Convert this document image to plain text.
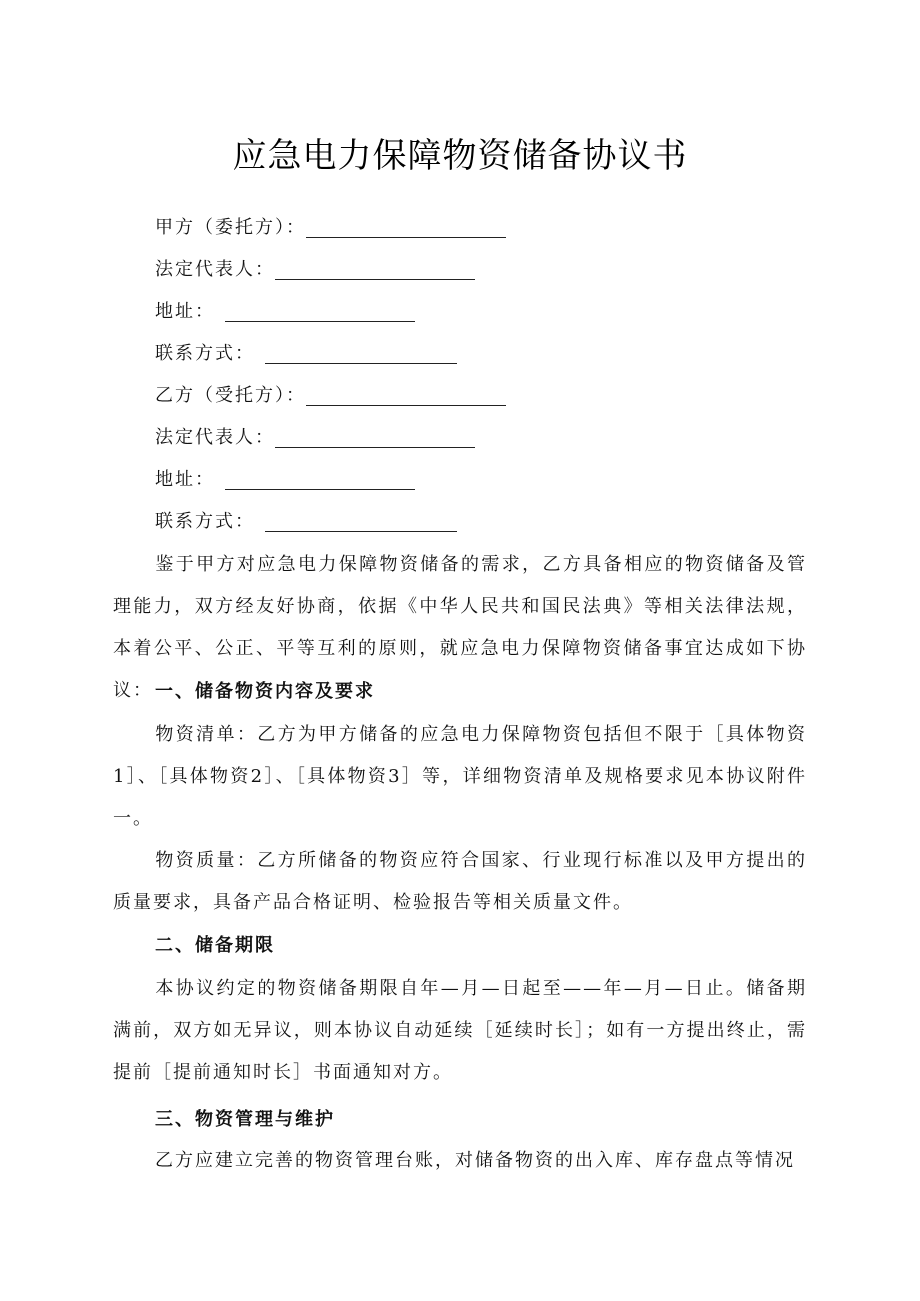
应急电力保障物资储备协议书
甲方（委托方）：
法定代表人：
地址：
联系方式：
乙方（受托方）：
法定代表人：
地址：
联系方式：
鉴于甲方对应急电力保障物资储备的需求，乙方具备相应的物资储备及管理能力，双方经友好协商，依据《中华人民共和国民法典》等相关法律法规，本着公平、公正、平等互利的原则，就应急电力保障物资储备事宜达成如下协议： 一、储备物资内容及要求
物资清单：乙方为甲方储备的应急电力保障物资包括但不限于［具体物资1］、［具体物资2］、［具体物资3］等，详细物资清单及规格要求见本协议附件一。
物资质量：乙方所储备的物资应符合国家、行业现行标准以及甲方提出的质量要求，具备产品合格证明、检验报告等相关质量文件。
二、储备期限
本协议约定的物资储备期限自年—月—日起至——年—月—日止。储备期满前，双方如无异议，则本协议自动延续［延续时长］；如有一方提出终止，需提前［提前通知时长］书面通知对方。
三、物资管理与维护
乙方应建立完善的物资管理台账，对储备物资的出入库、库存盘点等情况
